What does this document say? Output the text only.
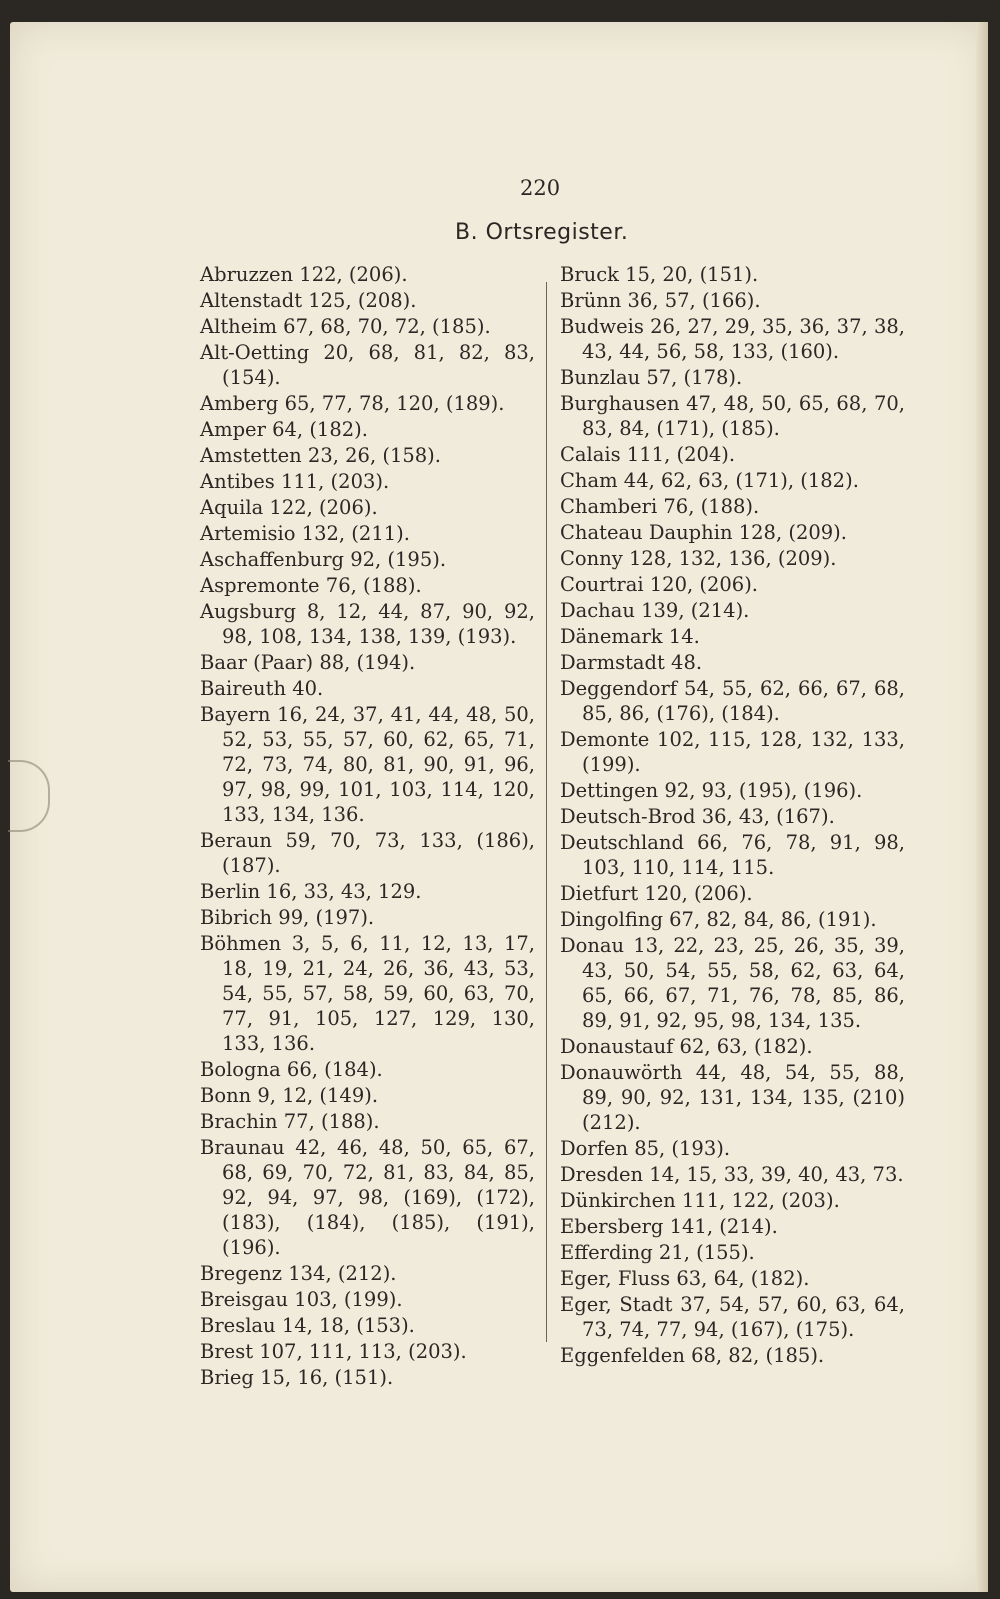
220
B. Ortsregister.

Abruzzen 122, (206).

Altenstadt 125, (208).

Altheim 67, 68, 70, 72, (185).

Alt-Oetting 20, 68, 81, 82, 83, (154).

Amberg 65, 77, 78, 120, (189).

Amper 64, (182).

Amstetten 23, 26, (158).

Antibes 111, (203).

Aquila 122, (206).

Artemisio 132, (211).

Aschaffenburg 92, (195).

Aspremonte 76, (188).

Augsburg 8, 12, 44, 87, 90, 92, 98, 108, 134, 138, 139, (193).

Baar (Paar) 88, (194).

Baireuth 40.

Bayern 16, 24, 37, 41, 44, 48, 50, 52, 53, 55, 57, 60, 62, 65, 71, 72, 73, 74, 80, 81, 90, 91, 96, 97, 98, 99, 101, 103, 114, 120, 133, 134, 136.

Beraun 59, 70, 73, 133, (186), (187).

Berlin 16, 33, 43, 129.

Bibrich 99, (197).

Böhmen 3, 5, 6, 11, 12, 13, 17, 18, 19, 21, 24, 26, 36, 43, 53, 54, 55, 57, 58, 59, 60, 63, 70, 77, 91, 105, 127, 129, 130, 133, 136.

Bologna 66, (184).

Bonn 9, 12, (149).

Brachin 77, (188).

Braunau 42, 46, 48, 50, 65, 67, 68, 69, 70, 72, 81, 83, 84, 85, 92, 94, 97, 98, (169), (172), (183), (184), (185), (191), (196).

Bregenz 134, (212).

Breisgau 103, (199).

Breslau 14, 18, (153).

Brest 107, 111, 113, (203).

Brieg 15, 16, (151).

Bruck 15, 20, (151).

Brünn 36, 57, (166).

Budweis 26, 27, 29, 35, 36, 37, 38, 43, 44, 56, 58, 133, (160).

Bunzlau 57, (178).

Burghausen 47, 48, 50, 65, 68, 70, 83, 84, (171), (185).

Calais 111, (204).

Cham 44, 62, 63, (171), (182).

Chamberi 76, (188).

Chateau Dauphin 128, (209).

Conny 128, 132, 136, (209).

Courtrai 120, (206).

Dachau 139, (214).

Dänemark 14.

Darmstadt 48.

Deggendorf 54, 55, 62, 66, 67, 68, 85, 86, (176), (184).

Demonte 102, 115, 128, 132, 133, (199).

Dettingen 92, 93, (195), (196).

Deutsch-Brod 36, 43, (167).

Deutschland 66, 76, 78, 91, 98, 103, 110, 114, 115.

Dietfurt 120, (206).

Dingolfing 67, 82, 84, 86, (191).

Donau 13, 22, 23, 25, 26, 35, 39, 43, 50, 54, 55, 58, 62, 63, 64, 65, 66, 67, 71, 76, 78, 85, 86, 89, 91, 92, 95, 98, 134, 135.

Donaustauf 62, 63, (182).

Donauwörth 44, 48, 54, 55, 88, 89, 90, 92, 131, 134, 135, (210) (212).

Dorfen 85, (193).

Dresden 14, 15, 33, 39, 40, 43, 73.

Dünkirchen 111, 122, (203).

Ebersberg 141, (214).

Efferding 21, (155).

Eger, Fluss 63, 64, (182).

Eger, Stadt 37, 54, 57, 60, 63, 64, 73, 74, 77, 94, (167), (175).

Eggenfelden 68, 82, (185).
